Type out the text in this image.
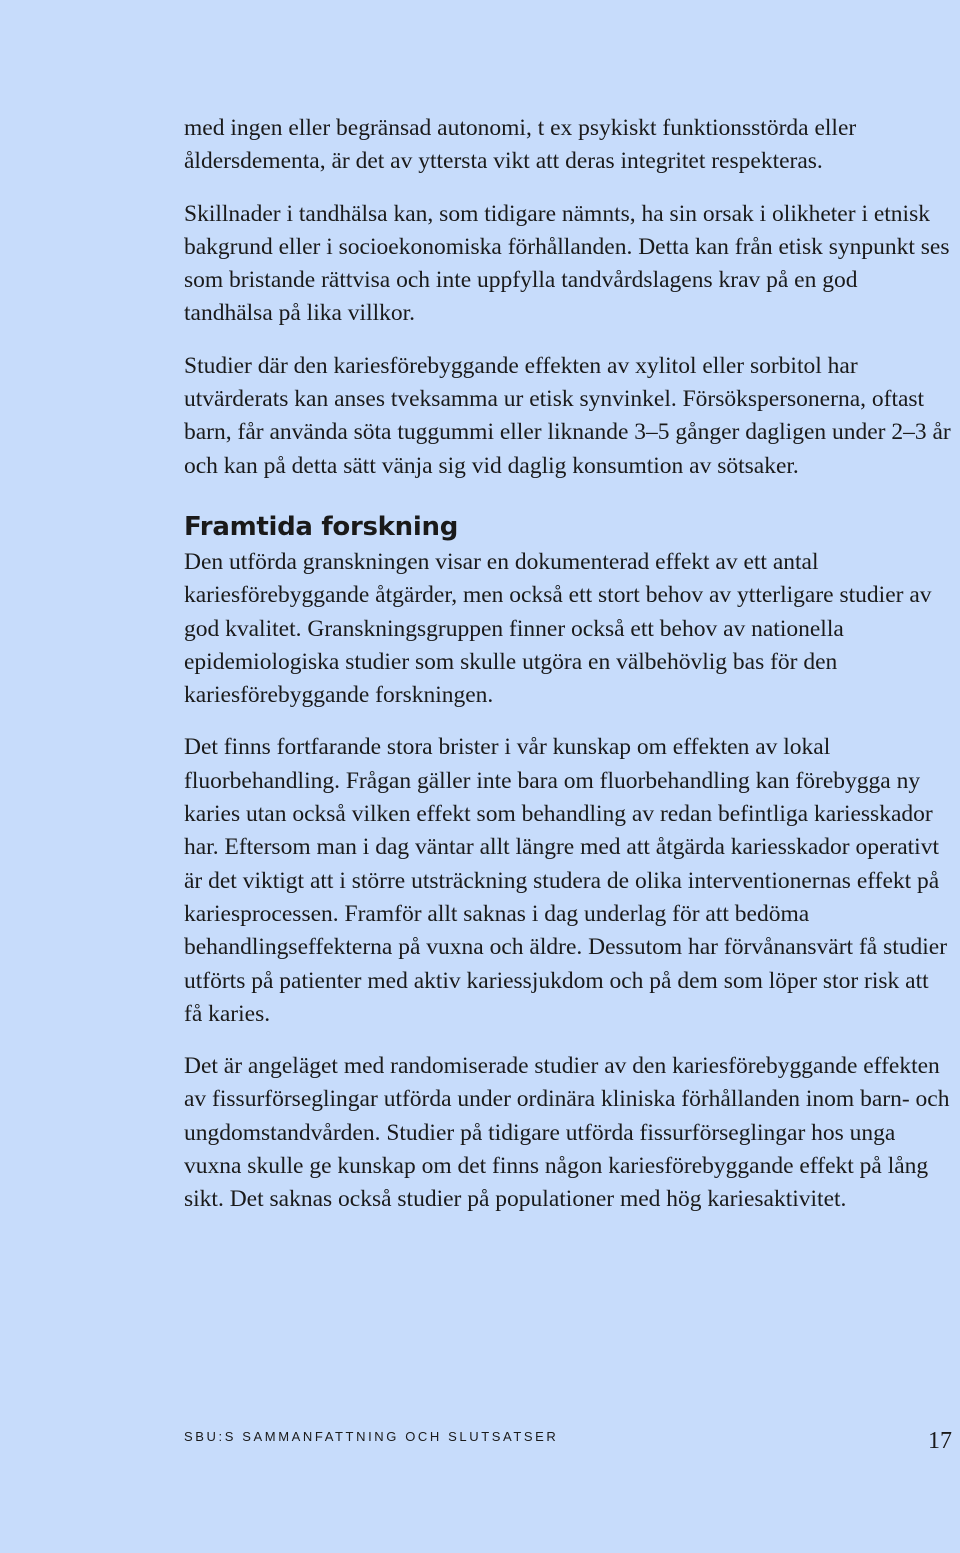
med ingen eller begränsad autonomi, t ex psykiskt funktionsstörda eller åldersdementa, är det av yttersta vikt att deras integritet respekteras.

Skillnader i tandhälsa kan, som tidigare nämnts, ha sin orsak i olikheter i etnisk bakgrund eller i socioekonomiska förhållanden. Detta kan från etisk synpunkt ses som bristande rättvisa och inte uppfylla tandvårdslagens krav på en god tandhälsa på lika villkor.

Studier där den kariesförebyggande effekten av xylitol eller sorbitol har utvärderats kan anses tveksamma ur etisk synvinkel. Försökspersonerna, oftast barn, får använda söta tuggummi eller liknande 3–5 gånger dagligen under 2–3 år och kan på detta sätt vänja sig vid daglig konsumtion av sötsaker.

Framtida forskning

Den utförda granskningen visar en dokumenterad effekt av ett antal kariesförebyggande åtgärder, men också ett stort behov av ytterligare studier av god kvalitet. Granskningsgruppen finner också ett behov av nationella epidemiologiska studier som skulle utgöra en välbehövlig bas för den kariesförebyggande forskningen.

Det finns fortfarande stora brister i vår kunskap om effekten av lokal fluorbehandling. Frågan gäller inte bara om fluorbehandling kan förebygga ny karies utan också vilken effekt som behandling av redan befintliga kariesskador har. Eftersom man i dag väntar allt längre med att åtgärda kariesskador operativt är det viktigt att i större utsträckning studera de olika interventionernas effekt på kariesprocessen. Framför allt saknas i dag underlag för att bedöma behandlingseffekterna på vuxna och äldre. Dessutom har förvånansvärt få studier utförts på patienter med aktiv kariessjukdom och på dem som löper stor risk att få karies.

Det är angeläget med randomiserade studier av den kariesförebyggande effekten av fissurförseglingar utförda under ordinära kliniska förhållanden inom barn- och ungdomstandvården. Studier på tidigare utförda fissurförseglingar hos unga vuxna skulle ge kunskap om det finns någon kariesförebyggande effekt på lång sikt. Det saknas också studier på populationer med hög kariesaktivitet.

SBU:S SAMMANFATTNING OCH SLUTSATSER	17
